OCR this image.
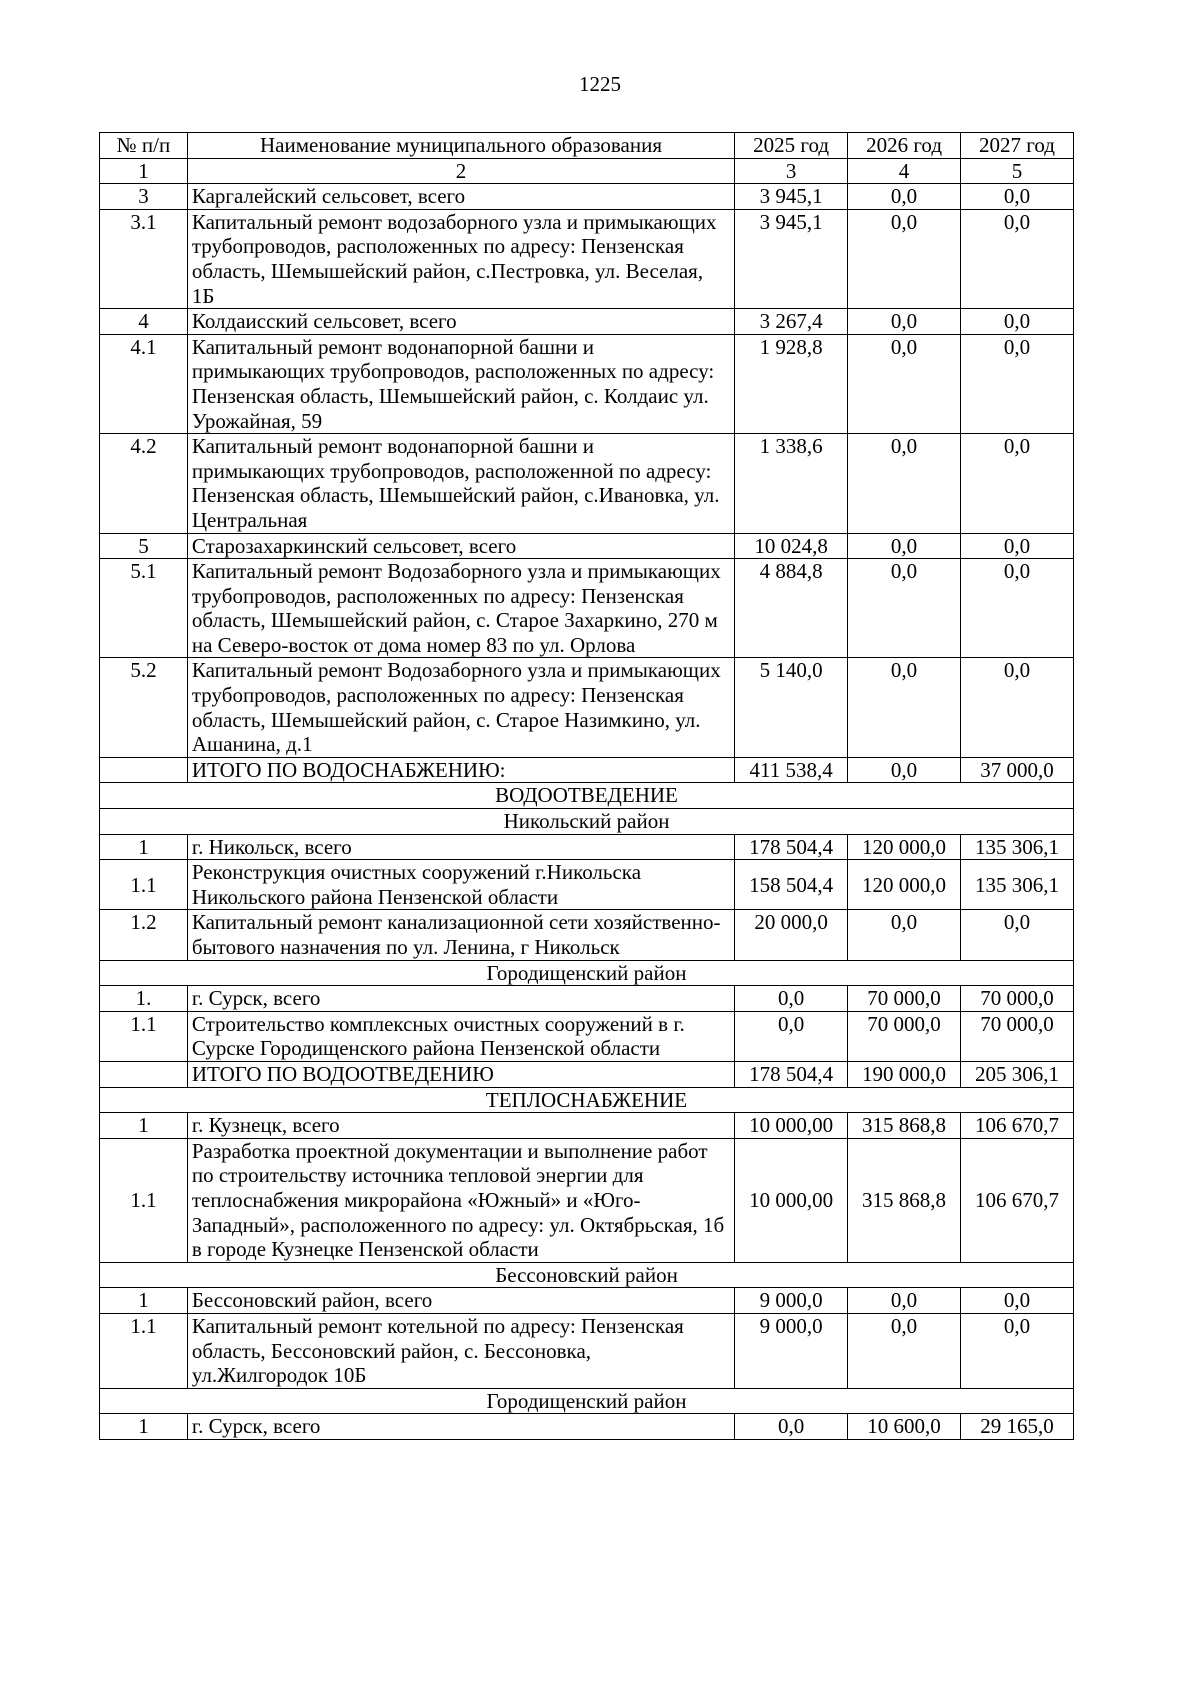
1225
№ п/п	Наименование муниципального образования	2025 год	2026 год	2027 год
1	2	3	4	5
3	Каргалейский сельсовет, всего	3 945,1	0,0	0,0
3.1	Капитальный ремонт водозаборного узла и примыкающих трубопроводов, расположенных по адресу: Пензенская область, Шемышейский район, с.Пестровка, ул. Веселая, 1Б	3 945,1	0,0	0,0
4	Колдаисский сельсовет, всего	3 267,4	0,0	0,0
4.1	Капитальный ремонт водонапорной башни и примыкающих трубопроводов, расположенных по адресу: Пензенская область, Шемышейский район, с. Колдаис ул. Урожайная, 59	1 928,8	0,0	0,0
4.2	Капитальный ремонт водонапорной башни и примыкающих трубопроводов, расположенной по адресу: Пензенская область, Шемышейский район, с.Ивановка, ул. Центральная	1 338,6	0,0	0,0
5	Старозахаркинский сельсовет, всего	10 024,8	0,0	0,0
5.1	Капитальный ремонт Водозаборного узла и примыкающих трубопроводов, расположенных по адресу: Пензенская область, Шемышейский район, с. Старое Захаркино, 270 м на Северо-восток от дома номер 83 по ул. Орлова	4 884,8	0,0	0,0
5.2	Капитальный ремонт Водозаборного узла и примыкающих трубопроводов, расположенных по адресу: Пензенская область, Шемышейский район, с. Старое Назимкино, ул. Ашанина, д.1	5 140,0	0,0	0,0
	ИТОГО ПО ВОДОСНАБЖЕНИЮ:	411 538,4	0,0	37 000,0
ВОДООТВЕДЕНИЕ				
Никольский район				
1	г. Никольск, всего	178 504,4	120 000,0	135 306,1
1.1	Реконструкция очистных сооружений г.Никольска Никольского района Пензенской области	158 504,4	120 000,0	135 306,1
1.2	Капитальный ремонт канализационной сети хозяйственно-бытового назначения по ул. Ленина, г Никольск	20 000,0	0,0	0,0
Городищенский район				
1.	г. Сурск, всего	0,0	70 000,0	70 000,0
1.1	Строительство комплексных очистных сооружений в г. Сурске Городищенского района Пензенской области	0,0	70 000,0	70 000,0
	ИТОГО ПО ВОДООТВЕДЕНИЮ	178 504,4	190 000,0	205 306,1
ТЕПЛОСНАБЖЕНИЕ				
1	г. Кузнецк, всего	10 000,00	315 868,8	106 670,7
1.1	Разработка проектной документации и выполнение работ по строительству источника тепловой энергии для теплоснабжения микрорайона «Южный» и «Юго-Западный», расположенного по адресу: ул. Октябрьская, 1б в городе Кузнецке Пензенской области	10 000,00	315 868,8	106 670,7
Бессоновский район				
1	Бессоновский район, всего	9 000,0	0,0	0,0
1.1	Капитальный ремонт котельной по адресу: Пензенская область, Бессоновский район, с. Бессоновка, ул.Жилгородок 10Б	9 000,0	0,0	0,0
Городищенский район				
1	г. Сурск, всего	0,0	10 600,0	29 165,0
